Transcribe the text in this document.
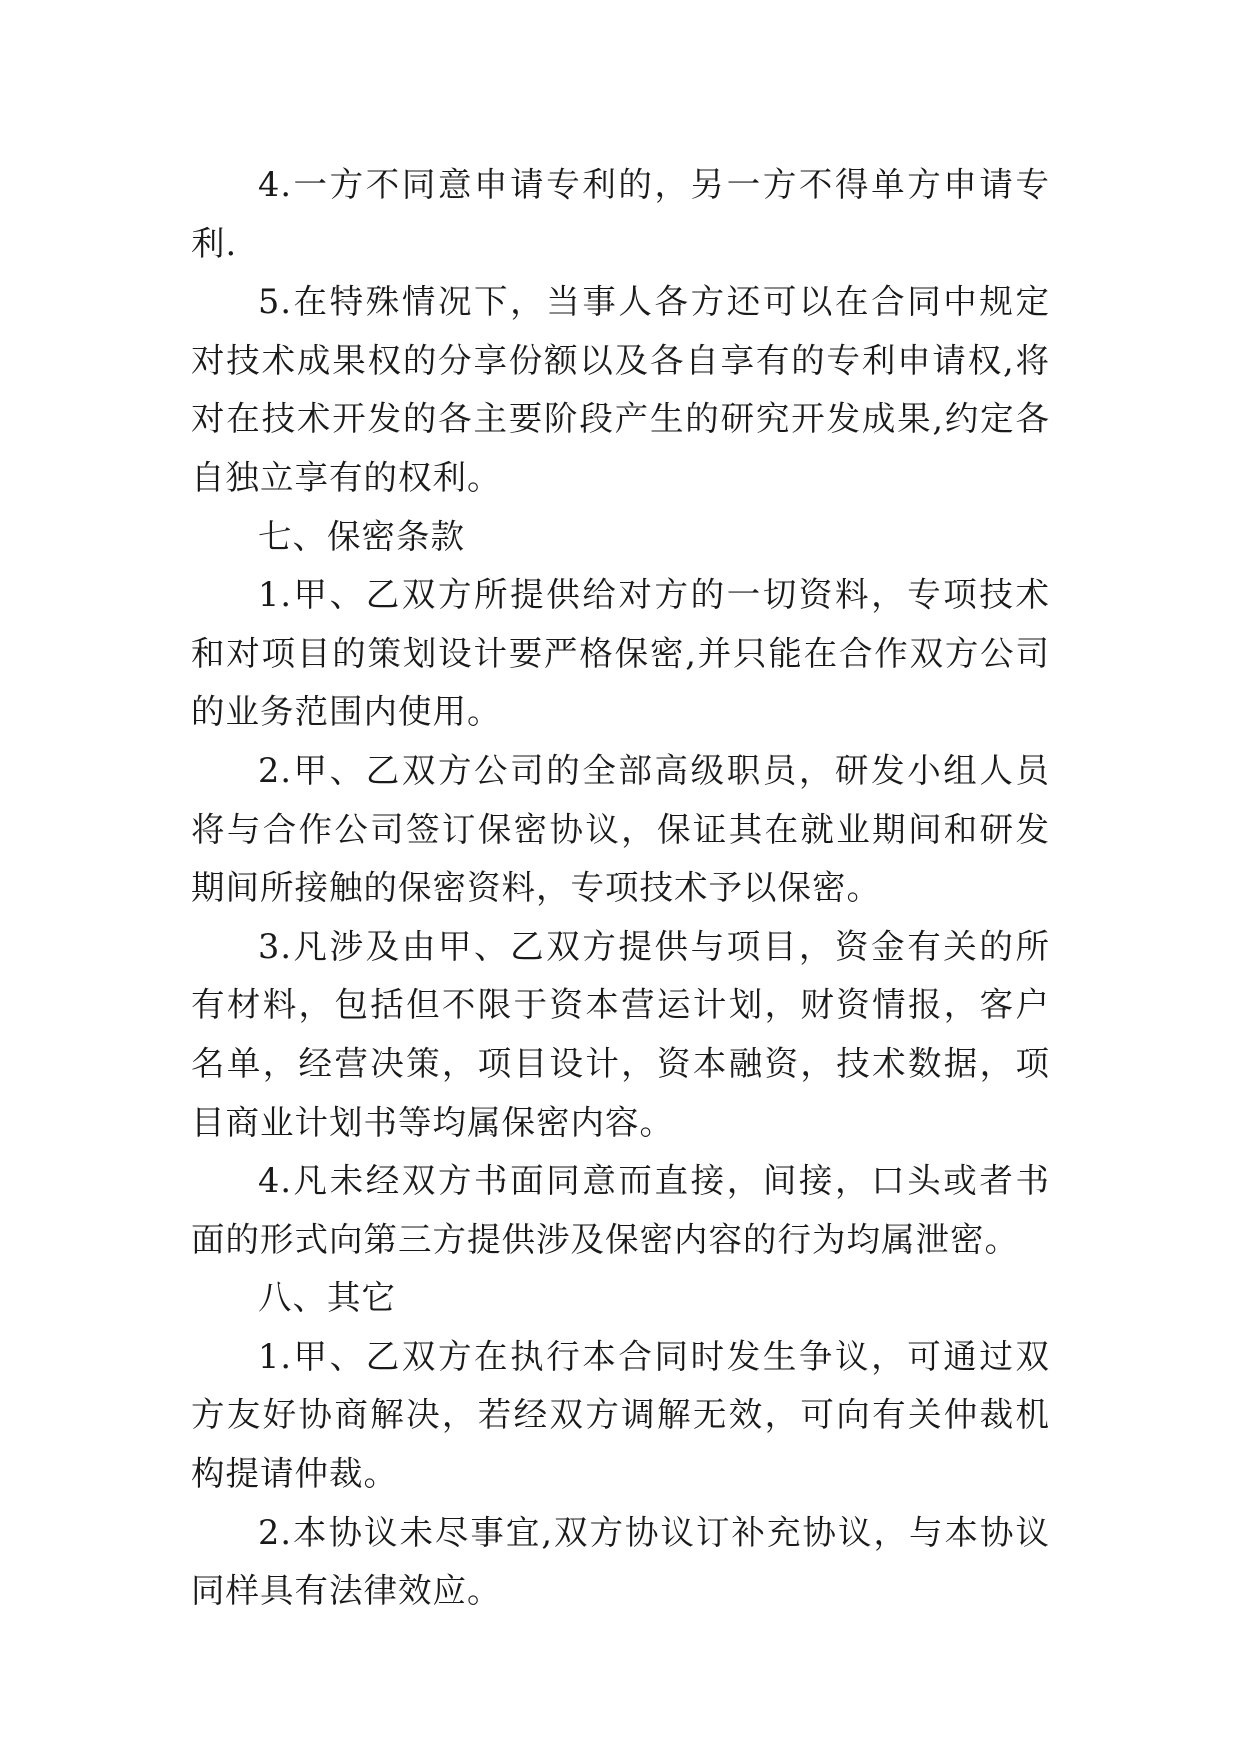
4.一方不同意申请专利的，另一方不得单方申请专利.

5.在特殊情况下，当事人各方还可以在合同中规定对技术成果权的分享份额以及各自享有的专利申请权,将对在技术开发的各主要阶段产生的研究开发成果,约定各自独立享有的权利。

七、保密条款

1.甲、乙双方所提供给对方的一切资料，专项技术和对项目的策划设计要严格保密,并只能在合作双方公司的业务范围内使用。

2.甲、乙双方公司的全部高级职员，研发小组人员将与合作公司签订保密协议，保证其在就业期间和研发期间所接触的保密资料，专项技术予以保密。

3.凡涉及由甲、乙双方提供与项目，资金有关的所有材料，包括但不限于资本营运计划，财资情报，客户名单，经营决策，项目设计，资本融资，技术数据，项目商业计划书等均属保密内容。

4.凡未经双方书面同意而直接，间接，口头或者书面的形式向第三方提供涉及保密内容的行为均属泄密。

八、其它

1.甲、乙双方在执行本合同时发生争议，可通过双方友好协商解决，若经双方调解无效，可向有关仲裁机构提请仲裁。

2.本协议未尽事宜,双方协议订补充协议，与本协议同样具有法律效应。
